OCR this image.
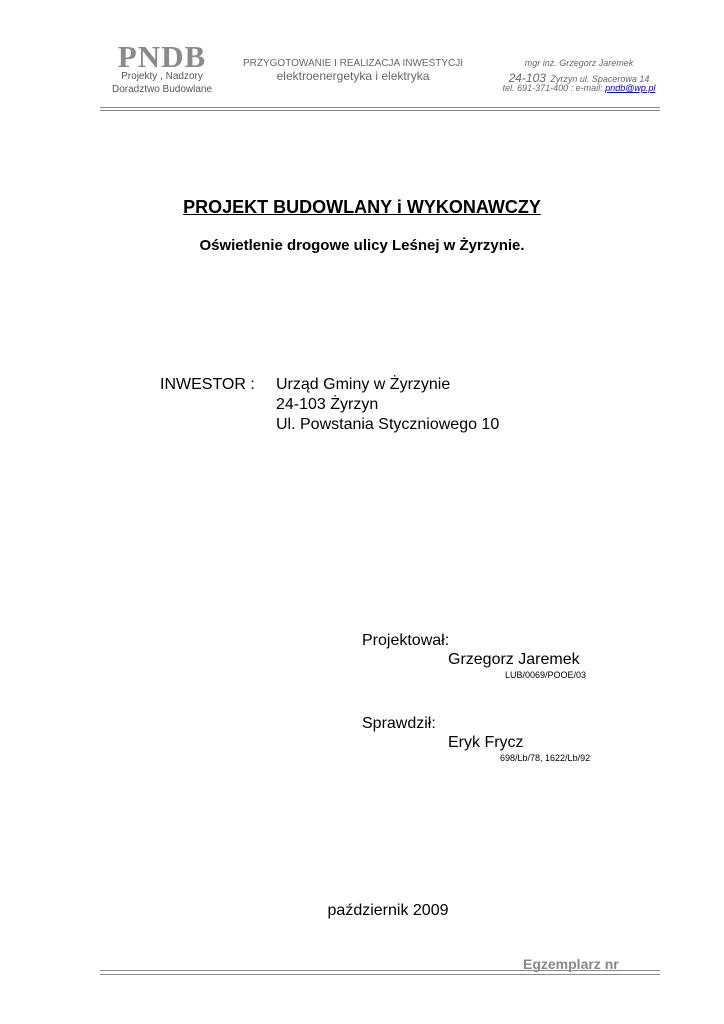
PNDB
Projekty , Nadzory
Doradztwo Budowlane
PRZYGOTOWANIE I REALIZACJA INWESTYCJI
elektroenergetyka i elektryka
mgr inż. Grzegorz Jaremek
24-103 Żyrzyn ul. Spacerowa 14
tel. 691-371-400 : e-mail: pndb@wp.pl
PROJEKT BUDOWLANY i WYKONAWCZY
Oświetlenie drogowe ulicy Leśnej w Żyrzynie.
INWESTOR : Urząd Gminy w Żyrzynie
24-103 Żyrzyn
Ul. Powstania Styczniowego 10
Projektował:
Grzegorz Jaremek
LUB/0069/POOE/03
Sprawdził:
Eryk Frycz
698/Lb/78, 1622/Lb/92
październik 2009
Egzemplarz nr
